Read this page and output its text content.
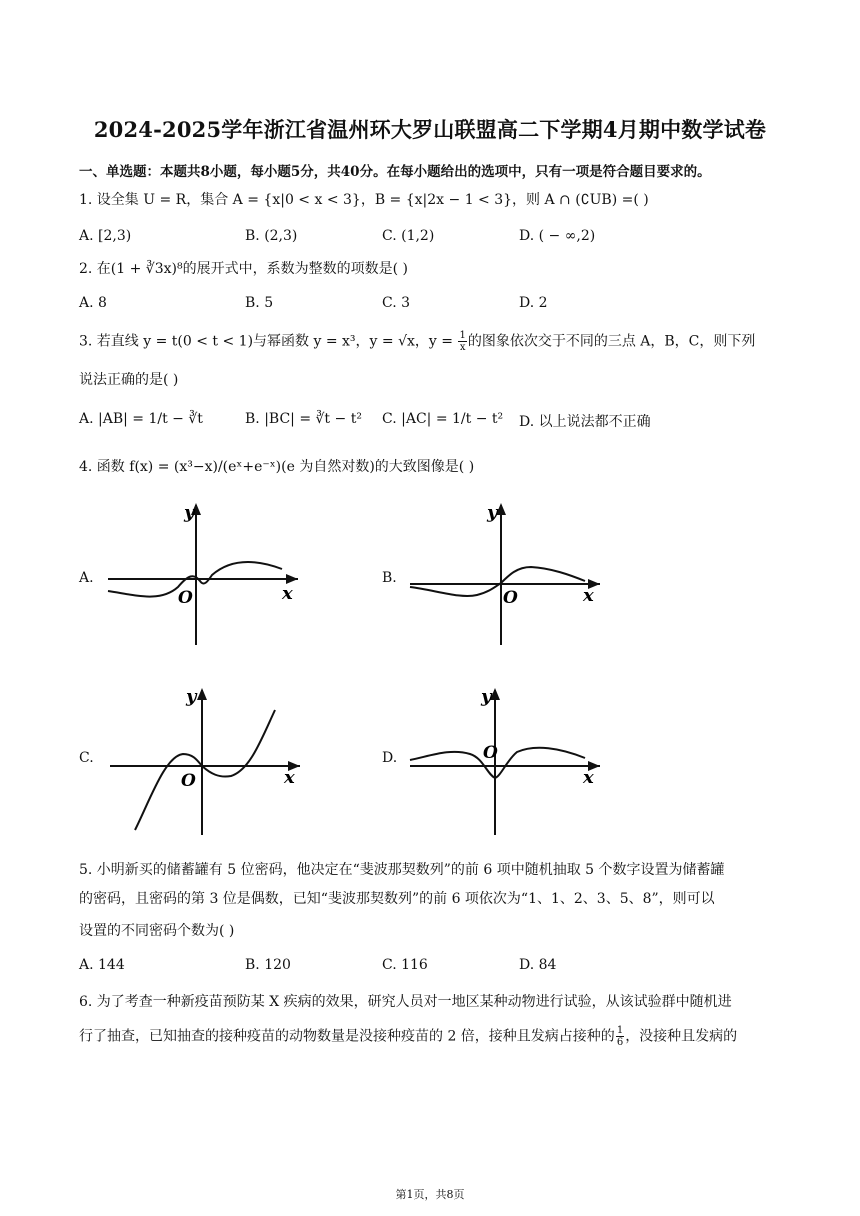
2024-2025学年浙江省温州环大罗山联盟高二下学期4月期中数学试卷
一、单选题：本题共8小题，每小题5分，共40分。在每小题给出的选项中，只有一项是符合题目要求的。
1. 设全集 U = R，集合 A = {x|0 < x < 3}，B = {x|2x − 1 < 3}，则 A ∩ (∁UB) =( )
A. [2,3)	B. (2,3)	C. (1,2)	D. ( − ∞,2)
2. 在(1 + ∛3x)⁸的展开式中，系数为整数的项数是( )
A. 8	B. 5	C. 3	D. 2
3. 若直线 y = t(0 < t < 1)与幂函数 y = x³，y = √x，$y = \frac{1}{x}$ 的图象依次交于不同的三点 A，B，C，则下列
说法正确的是( )
A. |AB| = 1/t − ∛t	B. |BC| = ∛t − t² C. |AC| = 1/t − t² D. 以上说法都不正确
4. 函数 f(x) = (x³−x)/(eˣ+e⁻ˣ)(e 为自然对数)的大致图像是( )
A.
y
x
O
B.
y
x
O
C.
y
x
O
D.
y
x
O
5. 小明新买的储蓄罐有 5 位密码，他决定在“斐波那契数列”的前 6 项中随机抽取 5 个数字设置为储蓄罐
的密码，且密码的第 3 位是偶数，已知“斐波那契数列”的前 6 项依次为“1、1、2、3、5、8”，则可以
设置的不同密码个数为( )
A. 144	B. 120	C. 116	D. 84
6. 为了考查一种新疫苗预防某 X 疾病的效果，研究人员对一地区某种动物进行试验，从该试验群中随机进
行了抽查，已知抽查的接种疫苗的动物数量是没接种疫苗的 2 倍，接种且发病占接种的 $\frac{1}{6}$ ，没接种且发病的
第1页，共8页
